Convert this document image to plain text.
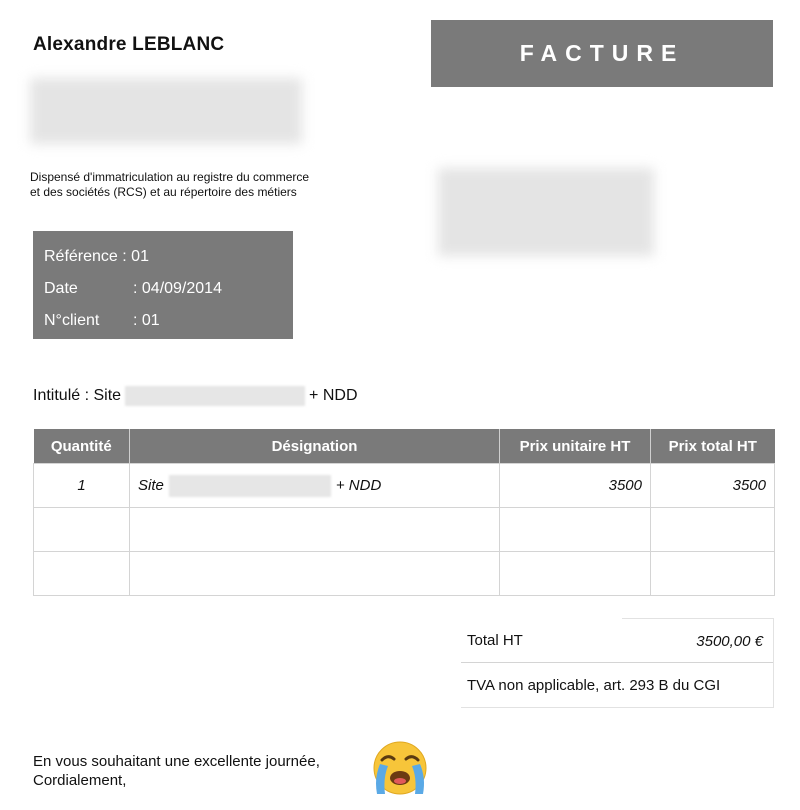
Alexandre LEBLANC	FACTURE
Dispensé d'immatriculation au registre du commerce
et des sociétés (RCS) et au répertoire des métiers
Référence : 01
Date	: 04/09/2014
N°client : 01
Intitulé : Site	+ NDD
Quantité	Désignation	Prix unitaire HT	Prix total HT
1	Site + NDD	3500	3500

Total HT	3500,00 €
TVA non applicable, art. 293 B du CGI
En vous souhaitant une excellente journée,
Cordialement,
